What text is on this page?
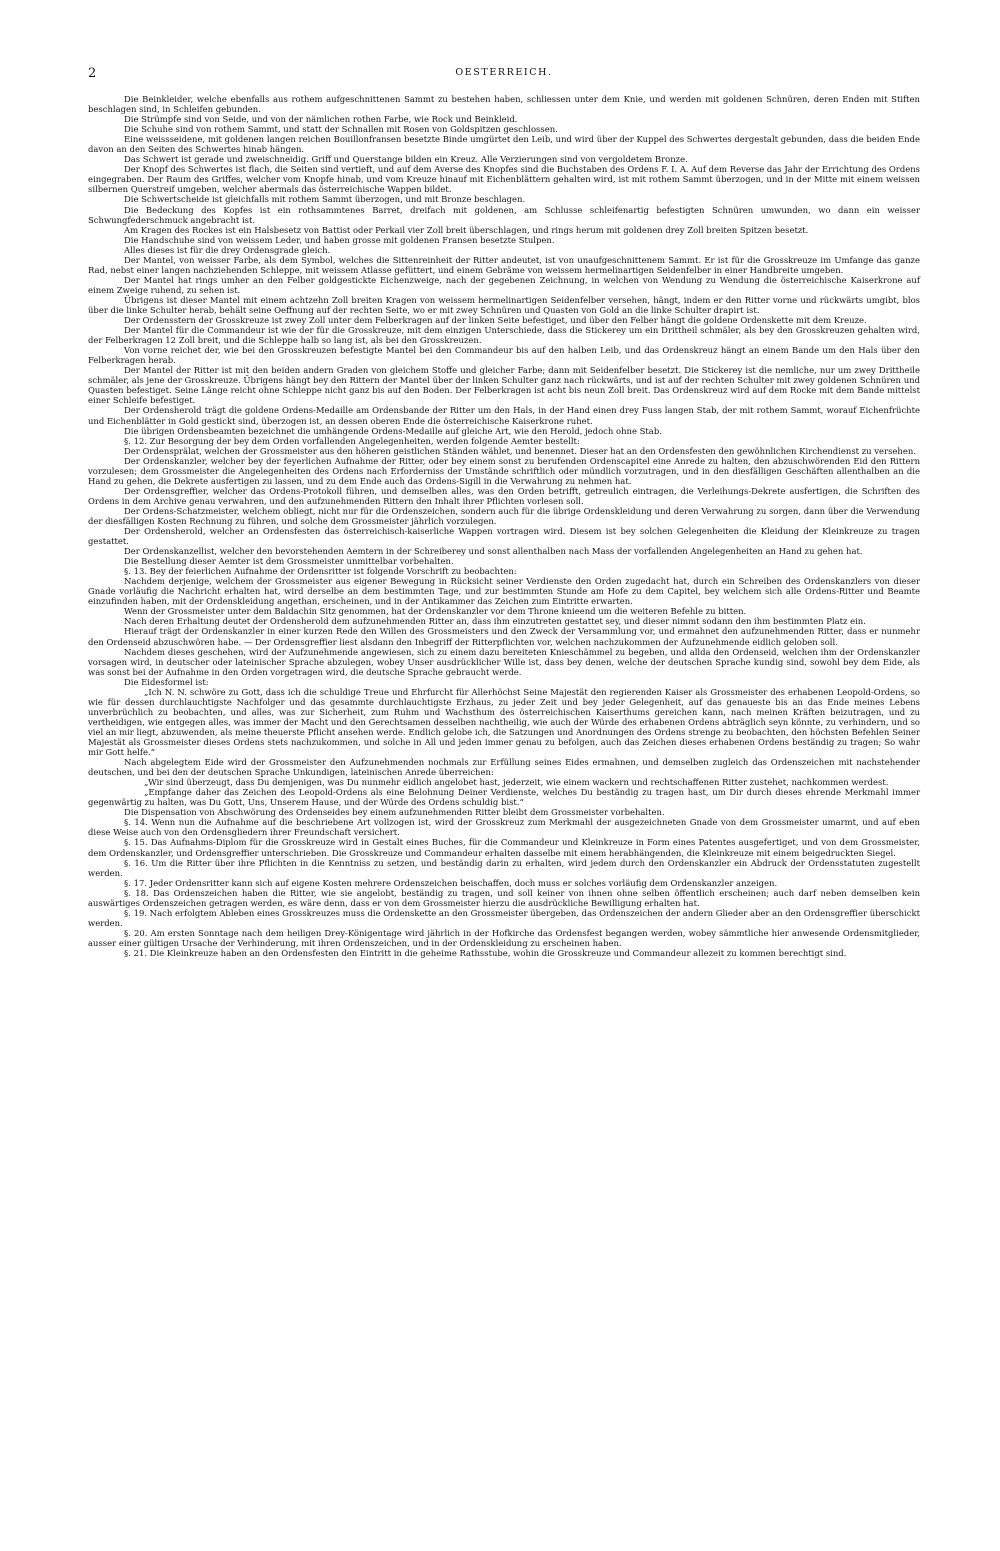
2	OESTERREICH.

Die Beinkleider, welche ebenfalls aus rothem aufgeschnittenen Sammt zu bestehen haben, schliessen unter dem Knie, und werden mit goldenen Schnüren, deren Enden mit Stiften beschlagen sind, in Schleifen gebunden.

Die Strümpfe sind von Seide, und von der nämlichen rothen Farbe, wie Rock und Beinkleid.

Die Schuhe sind von rothem Sammt, und statt der Schnallen mit Rosen von Goldspitzen geschlossen.

Eine weissseidene, mit goldenen langen reichen Bouillonfransen besetzte Binde umgürtet den Leib, und wird über der Kuppel des Schwertes dergestalt gebunden, dass die beiden Ende davon an den Seiten des Schwertes hinab hängen.

Das Schwert ist gerade und zweischneidig. Griff und Querstange bilden ein Kreuz. Alle Verzierungen sind von vergoldetem Bronze.

Der Knopf des Schwertes ist flach, die Seiten sind vertieft, und auf dem Averse des Knopfes sind die Buchstaben des Ordens F. I. A. Auf dem Reverse das Jahr der Errichtung des Ordens eingegraben. Der Raum des Griffes, welcher vom Knopfe hinab, und vom Kreuze hinauf mit Eichenblättern gehalten wird, ist mit rothem Sammt überzogen, und in der Mitte mit einem weissen silbernen Querstreif umgeben, welcher abermals das österreichische Wappen bildet.

Die Schwertscheide ist gleichfalls mit rothem Sammt überzogen, und mit Bronze beschlagen.

Die Bedeckung des Kopfes ist ein rothsammtenes Barret, dreifach mit goldenen, am Schlusse schleifenartig befestigten Schnüren umwunden, wo dann ein weisser Schwungfederschmuck angebracht ist.

Am Kragen des Rockes ist ein Halsbesetz von Battist oder Perkail vier Zoll breit überschlagen, und rings herum mit goldenen drey Zoll breiten Spitzen besetzt.

Die Handschuhe sind von weissem Leder, und haben grosse mit goldenen Fransen besetzte Stulpen.

Alles dieses ist für die drey Ordensgrade gleich.

Der Mantel, von weisser Farbe, als dem Symbol, welches die Sittenreinheit der Ritter andeutet, ist von unaufgeschnittenem Sammt. Er ist für die Grosskreuze im Umfange das ganze Rad, nebst einer langen nachziehenden Schleppe, mit weissem Atlasse gefüttert, und einem Gebräme von weissem hermelinartigen Seidenfelber in einer Handbreite umgeben.

Der Mantel hat rings umher an den Felber goldgestickte Eichenzweige, nach der gegebenen Zeichnung, in welchen von Wendung zu Wendung die österreichische Kaiserkrone auf einem Zweige ruhend, zu sehen ist.

Übrigens ist dieser Mantel mit einem achtzehn Zoll breiten Kragen von weissem hermelinartigen Seidenfelber versehen, hängt, indem er den Ritter vorne und rückwärts umgibt, blos über die linke Schulter herab, behält seine Oeffnung auf der rechten Seite, wo er mit zwey Schnüren und Quasten von Gold an die linke Schulter drapirt ist.

Der Ordensstern der Grosskreuze ist zwey Zoll unter dem Felberkragen auf der linken Seite befestiget, und über den Felber hängt die goldene Ordenskette mit dem Kreuze.

Der Mantel für die Commandeur ist wie der für die Grosskreuze, mit dem einzigen Unterschiede, dass die Stickerey um ein Drittheil schmäler, als bey den Grosskreuzen gehalten wird, der Felberkragen 12 Zoll breit, und die Schleppe halb so lang ist, als bei den Grosskreuzen.

Von vorne reichet der, wie bei den Grosskreuzen befestigte Mantel bei den Commandeur bis auf den halben Leib, und das Ordenskreuz hängt an einem Bande um den Hals über den Felberkragen herab.

Der Mantel der Ritter ist mit den beiden andern Graden von gleichem Stoffe und gleicher Farbe; dann mit Seidenfelber besetzt. Die Stickerey ist die nemliche, nur um zwey Drittheile schmäler, als jene der Grosskreuze. Übrigens hängt bey den Rittern der Mantel über der linken Schulter ganz nach rückwärts, und ist auf der rechten Schulter mit zwey goldenen Schnüren und Quasten befestiget. Seine Länge reicht ohne Schleppe nicht ganz bis auf den Boden. Der Felberkragen ist acht bis neun Zoll breit. Das Ordenskreuz wird auf dem Rocke mit dem Bande mittelst einer Schleife befestiget.

Der Ordensherold trägt die goldene Ordens-Medaille am Ordensbande der Ritter um den Hals, in der Hand einen drey Fuss langen Stab, der mit rothem Sammt, worauf Eichenfrüchte und Eichenblätter in Gold gestickt sind, überzogen ist, an dessen oberen Ende die österreichische Kaiserkrone ruhet.

Die übrigen Ordensbeamten bezeichnet die umhängende Ordens-Medaille auf gleiche Art, wie den Herold, jedoch ohne Stab.

§. 12. Zur Besorgung der bey dem Orden vorfallenden Angelegenheiten, werden folgende Aemter bestellt:

Der Ordensprälat, welchen der Grossmeister aus den höheren geistlichen Ständen wählet, und benennet. Dieser hat an den Ordensfesten den gewöhnlichen Kirchendienst zu versehen.

Der Ordenskanzler, welcher bey der feyerlichen Aufnahme der Ritter, oder bey einem sonst zu berufenden Ordenscapitel eine Anrede zu halten, den abzuschwörenden Eid den Rittern vorzulesen; dem Grossmeister die Angelegenheiten des Ordens nach Erforderniss der Umstände schriftlich oder mündlich vorzutragen, und in den diesfälligen Geschäften allenthalben an die Hand zu gehen, die Dekrete ausfertigen zu lassen, und zu dem Ende auch das Ordens-Sigill in die Verwahrung zu nehmen hat.

Der Ordensgreffier, welcher das Ordens-Protokoll führen, und demselben alles, was den Orden betrifft, getreulich eintragen, die Verleihungs-Dekrete ausfertigen, die Schriften des Ordens in dem Archive genau verwahren, und den aufzunehmenden Rittern den Inhalt ihrer Pflichten vorlesen soll.

Der Ordens-Schatzmeister, welchem obliegt, nicht nur für die Ordenszeichen, sondern auch für die übrige Ordenskleidung und deren Verwahrung zu sorgen, dann über die Verwendung der diesfälligen Kosten Rechnung zu führen, und solche dem Grossmeister jährlich vorzulegen.

Der Ordensherold, welcher an Ordensfesten das österreichisch-kaiserliche Wappen vortragen wird. Diesem ist bey solchen Gelegenheiten die Kleidung der Kleinkreuze zu tragen gestattet.

Der Ordenskanzellist, welcher den bevorstehenden Aemtern in der Schreiberey und sonst allenthalben nach Mass der vorfallenden Angelegenheiten an Hand zu gehen hat.

Die Bestellung dieser Aemter ist dem Grossmeister unmittelbar vorbehalten.

§. 13. Bey der feierlichen Aufnahme der Ordensritter ist folgende Vorschrift zu beobachten:

Nachdem derjenige, welchem der Grossmeister aus eigener Bewegung in Rücksicht seiner Verdienste den Orden zugedacht hat, durch ein Schreiben des Ordenskanzlers von dieser Gnade vorläufig die Nachricht erhalten hat, wird derselbe an dem bestimmten Tage, und zur bestimmten Stunde am Hofe zu dem Capitel, bey welchem sich alle Ordens-Ritter und Beamte einzufinden haben, mit der Ordenskleidung angethan, erscheinen, und in der Antikammer das Zeichen zum Eintritte erwarten.

Wenn der Grossmeister unter dem Baldachin Sitz genommen, hat der Ordenskanzler vor dem Throne knieend um die weiteren Befehle zu bitten.

Nach deren Erhaltung deutet der Ordensherold dem aufzunehmenden Ritter an, dass ihm einzutreten gestattet sey, und dieser nimmt sodann den ihm bestimmten Platz ein.

Hierauf trägt der Ordenskanzler in einer kurzen Rede den Willen des Grossmeisters und den Zweck der Versammlung vor, und ermahnet den aufzunehmenden Ritter, dass er nunmehr den Ordenseid abzuschwören habe. — Der Ordensgreffier liest alsdann den Inbegriff der Ritterpflichten vor, welchen nachzukommen der Aufzunehmende eidlich geloben soll.

Nachdem dieses geschehen, wird der Aufzunehmende angewiesen, sich zu einem dazu bereiteten Knieschämmel zu begeben, und allda den Ordenseid, welchen ihm der Ordenskanzler vorsagen wird, in deutscher oder lateinischer Sprache abzulegen, wobey Unser ausdrücklicher Wille ist, dass bey denen, welche der deutschen Sprache kundig sind, sowohl bey dem Eide, als was sonst bei der Aufnahme in den Orden vorgetragen wird, die deutsche Sprache gebraucht werde.

Die Eidesformel ist:

„Ich N. N. schwöre zu Gott, dass ich die schuldige Treue und Ehrfurcht für Allerhöchst Seine Majestät den regierenden Kaiser als Grossmeister des erhabenen Leopold-Ordens, so wie für dessen durchlauchtigste Nachfolger und das gesammte durchlauchtigste Erzhaus, zu jeder Zeit und bey jeder Gelegenheit, auf das genaueste bis an das Ende meines Lebens unverbrüchlich zu beobachten, und alles, was zur Sicherheit, zum Ruhm und Wachsthum des österreichischen Kaiserthums gereichen kann, nach meinen Kräften beizutragen, und zu vertheidigen, wie entgegen alles, was immer der Macht und den Gerechtsamen desselben nachtheilig, wie auch der Würde des erhabenen Ordens abträglich seyn könnte, zu verhindern, und so viel an mir liegt, abzuwenden, als meine theuerste Pflicht ansehen werde. Endlich gelobe ich, die Satzungen und Anordnungen des Ordens strenge zu beobachten, den höchsten Befehlen Seiner Majestät als Grossmeister dieses Ordens stets nachzukommen, und solche in All und jeden immer genau zu befolgen, auch das Zeichen dieses erhabenen Ordens beständig zu tragen; So wahr mir Gott helfe.“

Nach abgelegtem Eide wird der Grossmeister den Aufzunehmenden nochmals zur Erfüllung seines Eides ermahnen, und demselben zugleich das Ordenszeichen mit nachstehender deutschen, und bei den der deutschen Sprache Unkundigen, lateinischen Anrede überreichen:

„Wir sind überzeugt, dass Du demjenigen, was Du nunmehr eidlich angelobet hast, jederzeit, wie einem wackern und rechtschaffenen Ritter zustehet, nachkommen werdest.

„Empfange daher das Zeichen des Leopold-Ordens als eine Belohnung Deiner Verdienste, welches Du beständig zu tragen hast, um Dir durch dieses ehrende Merkmahl immer gegenwärtig zu halten, was Du Gott, Uns, Unserem Hause, und der Würde des Ordens schuldig bist.“

Die Dispensation von Abschwörung des Ordenseides bey einem aufzunehmenden Ritter bleibt dem Grossmeister vorbehalten.

§. 14. Wenn nun die Aufnahme auf die beschriebene Art vollzogen ist, wird der Grosskreuz zum Merkmahl der ausgezeichneten Gnade von dem Grossmeister umarmt, und auf eben diese Weise auch von den Ordensgliedern ihrer Freundschaft versichert.

§. 15. Das Aufnahms-Diplom für die Grosskreuze wird in Gestalt eines Buches, für die Commandeur und Kleinkreuze in Form eines Patentes ausgefertiget, und von dem Grossmeister, dem Ordenskanzler, und Ordensgreffier unterschrieben. Die Grosskreuze und Commandeur erhalten dasselbe mit einem herabhängenden, die Kleinkreuze mit einem beigedruckten Siegel.

§. 16. Um die Ritter über ihre Pflichten in die Kenntniss zu setzen, und beständig darin zu erhalten, wird jedem durch den Ordenskanzler ein Abdruck der Ordensstatuten zugestellt werden.

§. 17. Jeder Ordensritter kann sich auf eigene Kosten mehrere Ordenszeichen beischaffen, doch muss er solches vorläufig dem Ordenskanzler anzeigen.

§. 18. Das Ordenszeichen haben die Ritter, wie sie angelobt, beständig zu tragen, und soll keiner von ihnen ohne selben öffentlich erscheinen; auch darf neben demselben kein auswärtiges Ordenszeichen getragen werden, es wäre denn, dass er von dem Grossmeister hierzu die ausdrückliche Bewilligung erhalten hat.

§. 19. Nach erfolgtem Ableben eines Grosskreuzes muss die Ordenskette an den Grossmeister übergeben, das Ordenszeichen der andern Glieder aber an den Ordensgreffier überschickt werden.

§. 20. Am ersten Sonntage nach dem heiligen Drey-Königentage wird jährlich in der Hofkirche das Ordensfest begangen werden, wobey sämmtliche hier anwesende Ordensmitglieder, ausser einer gültigen Ursache der Verhinderung, mit ihren Ordenszeichen, und in der Ordenskleidung zu erscheinen haben.

§. 21. Die Kleinkreuze haben an den Ordensfesten den Eintritt in die geheime Rathsstube, wohin die Grosskreuze und Commandeur allezeit zu kommen berechtigt sind.
